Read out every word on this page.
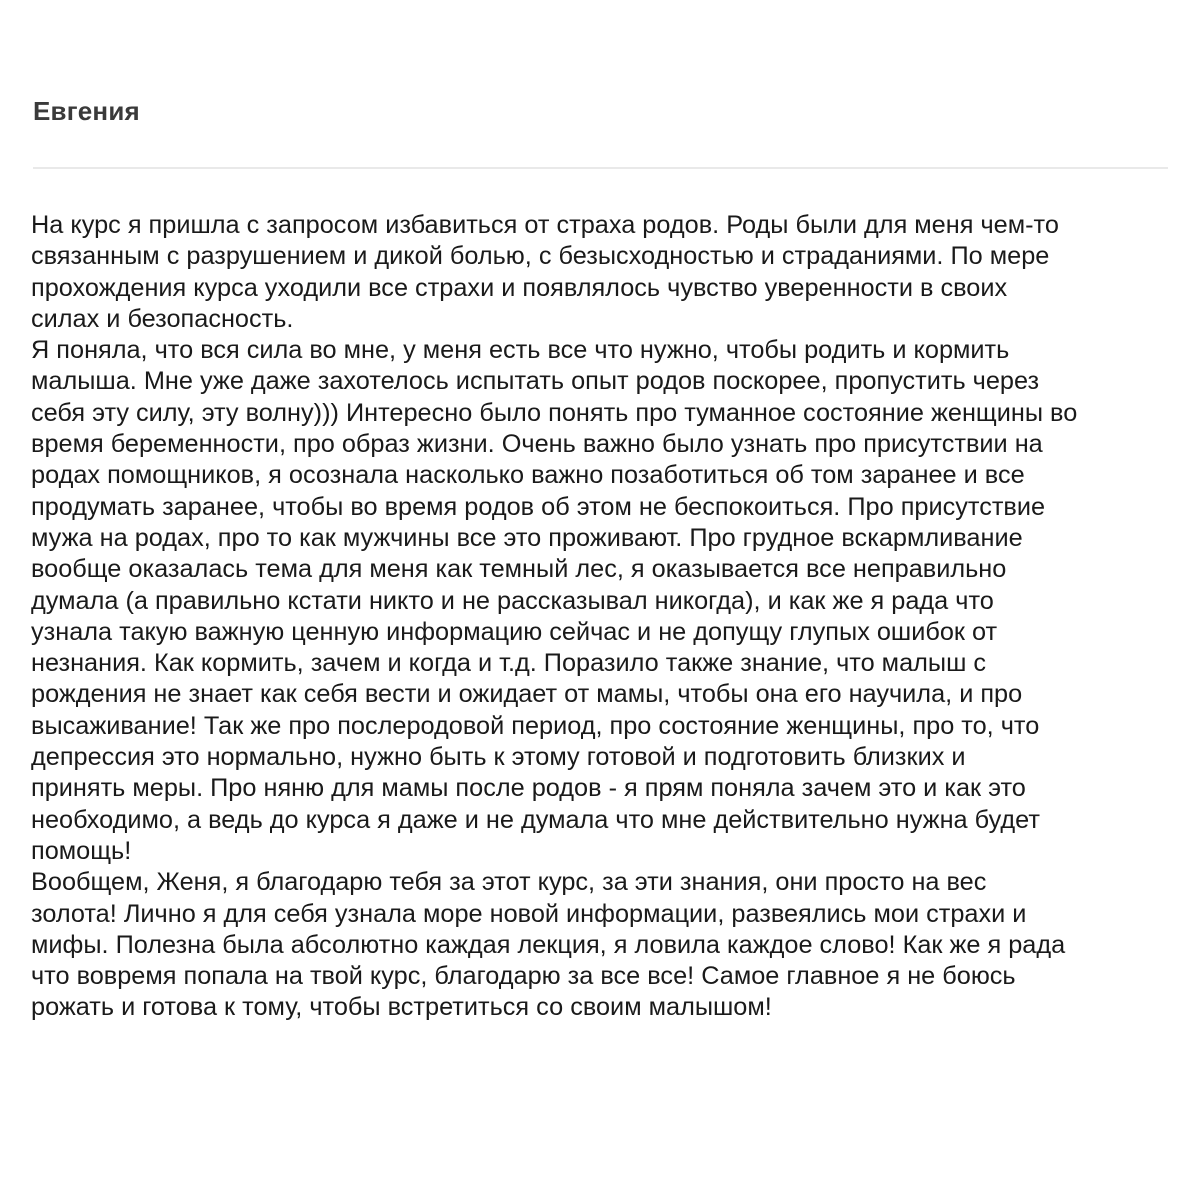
Евгения

На курс я пришла с запросом избавиться от страха родов. Роды были для меня чем-то

связанным с разрушением и дикой болью, с безысходностью и страданиями. По мере

прохождения курса уходили все страхи и появлялось чувство уверенности в своих

силах и безопасность.

Я поняла, что вся сила во мне, у меня есть все что нужно, чтобы родить и кормить

малыша. Мне уже даже захотелось испытать опыт родов поскорее, пропустить через

себя эту силу, эту волну))) Интересно было понять про туманное состояние женщины во

время беременности, про образ жизни. Очень важно было узнать про присутствии на

родах помощников, я осознала насколько важно позаботиться об том заранее и все

продумать заранее, чтобы во время родов об этом не беспокоиться. Про присутствие

мужа на родах, про то как мужчины все это проживают. Про грудное вскармливание

вообще оказалась тема для меня как темный лес, я оказывается все неправильно

думала (а правильно кстати никто и не рассказывал никогда), и как же я рада что

узнала такую важную ценную информацию сейчас и не допущу глупых ошибок от

незнания. Как кормить, зачем и когда и т.д. Поразило также знание, что малыш с

рождения не знает как себя вести и ожидает от мамы, чтобы она его научила, и про

высаживание! Так же про послеродовой период, про состояние женщины, про то, что

депрессия это нормально, нужно быть к этому готовой и подготовить близких и

принять меры. Про няню для мамы после родов - я прям поняла зачем это и как это

необходимо, а ведь до курса я даже и не думала что мне действительно нужна будет

помощь!

Вообщем, Женя, я благодарю тебя за этот курс, за эти знания, они просто на вес

золота! Лично я для себя узнала море новой информации, развеялись мои страхи и

мифы. Полезна была абсолютно каждая лекция, я ловила каждое слово! Как же я рада

что вовремя попала на твой курс, благодарю за все все! Самое главное я не боюсь

рожать и готова к тому, чтобы встретиться со своим малышом!
